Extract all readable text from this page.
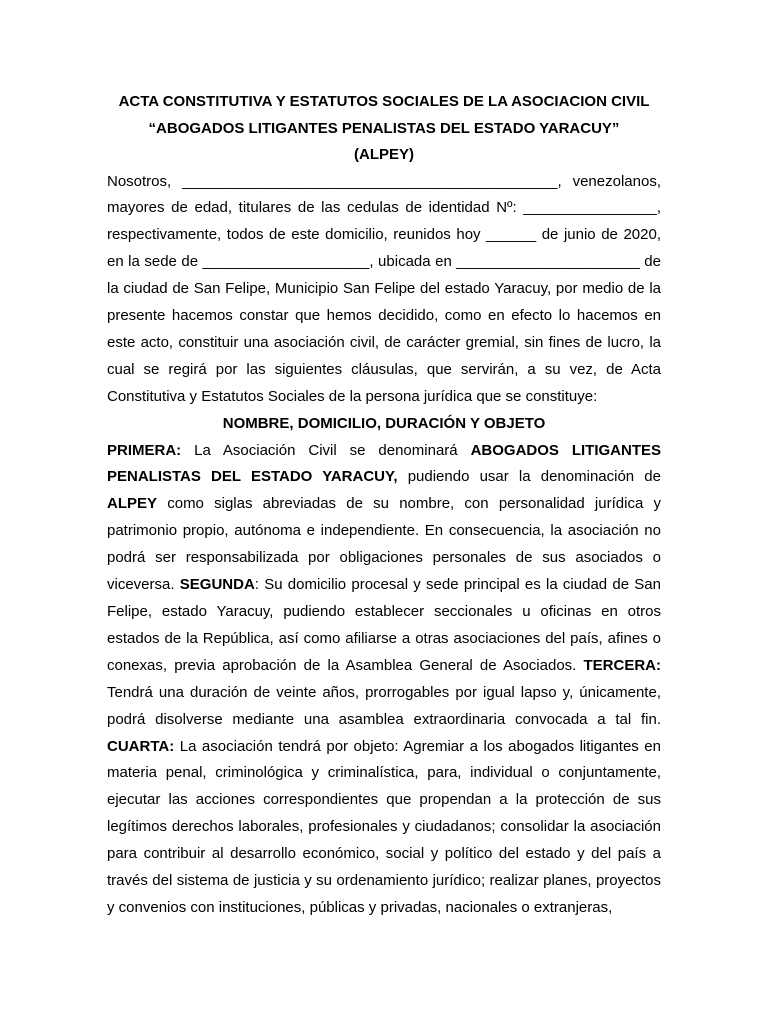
ACTA CONSTITUTIVA Y ESTATUTOS SOCIALES DE LA ASOCIACION CIVIL

“ABOGADOS LITIGANTES PENALISTAS DEL ESTADO YARACUY”

(ALPEY)

Nosotros, _____________________________________________, venezolanos, mayores de edad, titulares de las cedulas de identidad Nº: ________________, respectivamente, todos de este domicilio, reunidos hoy ______ de junio de 2020, en la sede de ____________________, ubicada en ______________________ de la ciudad de San Felipe, Municipio San Felipe del estado Yaracuy, por medio de la presente hacemos constar que hemos decidido, como en efecto lo hacemos en este acto, constituir una asociación civil, de carácter gremial, sin fines de lucro, la cual se regirá por las siguientes cláusulas, que servirán, a su vez, de Acta Constitutiva y Estatutos Sociales de la persona jurídica que se constituye:

NOMBRE, DOMICILIO, DURACIÓN Y OBJETO

PRIMERA: La Asociación Civil se denominará ABOGADOS LITIGANTES PENALISTAS DEL ESTADO YARACUY, pudiendo usar la denominación de ALPEY como siglas abreviadas de su nombre, con personalidad jurídica y patrimonio propio, autónoma e independiente. En consecuencia, la asociación no podrá ser responsabilizada por obligaciones personales de sus asociados o viceversa. SEGUNDA: Su domicilio procesal y sede principal es la ciudad de San Felipe, estado Yaracuy, pudiendo establecer seccionales u oficinas en otros estados de la República, así como afiliarse a otras asociaciones del país, afines o conexas, previa aprobación de la Asamblea General de Asociados. TERCERA: Tendrá una duración de veinte años, prorrogables por igual lapso y, únicamente, podrá disolverse mediante una asamblea extraordinaria convocada a tal fin. CUARTA: La asociación tendrá por objeto: Agremiar a los abogados litigantes en materia penal, criminológica y criminalística, para, individual o conjuntamente, ejecutar las acciones correspondientes que propendan a la protección de sus legítimos derechos laborales, profesionales y ciudadanos; consolidar la asociación para contribuir al desarrollo económico, social y político del estado y del país a través del sistema de justicia y su ordenamiento jurídico; realizar planes, proyectos y convenios con instituciones, públicas y privadas, nacionales o extranjeras,
